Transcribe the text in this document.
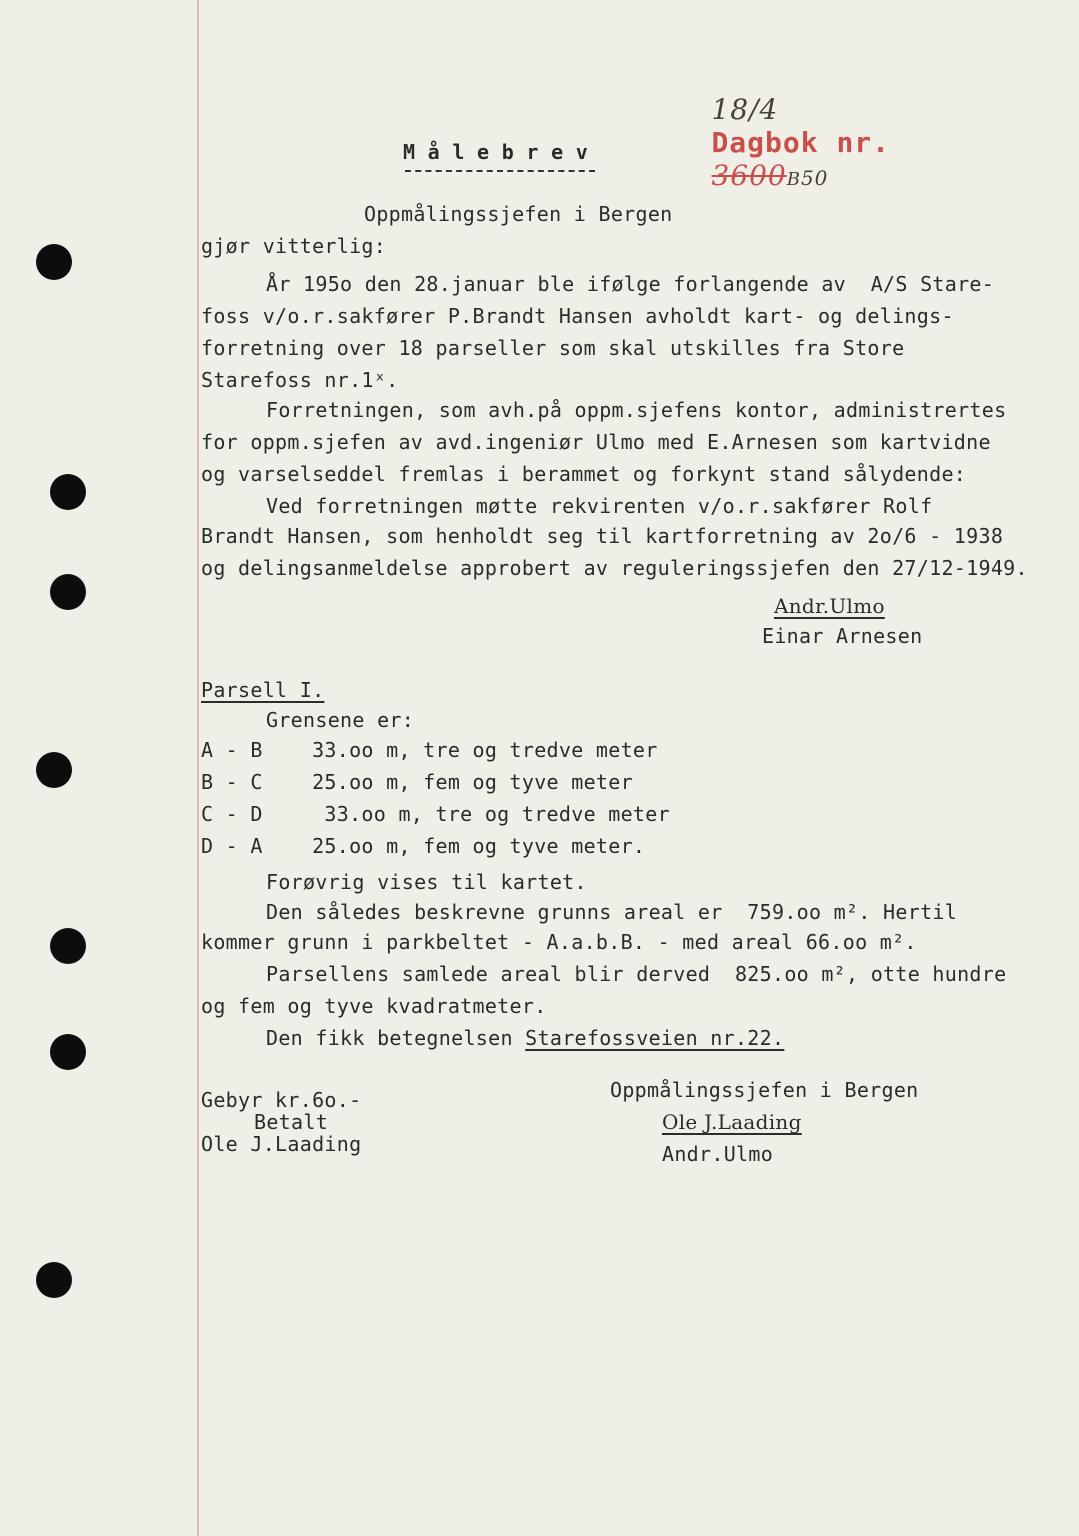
18/4
Dagbok nr.
3600B50

M å l e b r e v
Oppmålingssjefen i Bergen
gjør vitterlig:
År 195o den 28.januar ble ifølge forlangende av  A/S Stare-
foss v/o.r.sakfører P.Brandt Hansen avholdt kart- og delings-
forretning over 18 parseller som skal utskilles fra Store
Starefoss nr.1ˣ.
Forretningen, som avh.på oppm.sjefens kontor, administrertes
for oppm.sjefen av avd.ingeniør Ulmo med E.Arnesen som kartvidne
og varselseddel fremlas i berammet og forkynt stand sålydende:
Ved forretningen møtte rekvirenten v/o.r.sakfører Rolf
Brandt Hansen, som henholdt seg til kartforretning av 2o/6 - 1938
og delingsanmeldelse approbert av reguleringssjefen den 27/12-1949.
Andr.Ulmo
Einar Arnesen
Parsell I.
Grensene er:
A - B    33.oo m, tre og tredve meter
B - C    25.oo m, fem og tyve meter
C - D     33.oo m, tre og tredve meter
D - A    25.oo m, fem og tyve meter.
Forøvrig vises til kartet.
Den således beskrevne grunns areal er  759.oo m². Hertil
kommer grunn i parkbeltet - A.a.b.B. - med areal 66.oo m².
Parsellens samlede areal blir derved  825.oo m², otte hundre
og fem og tyve kvadratmeter.
Den fikk betegnelsen Starefossveien nr.22.
Gebyr kr.6o.-
Betalt
Ole J.Laading
Oppmålingssjefen i Bergen
Ole J.Laading
Andr.Ulmo
